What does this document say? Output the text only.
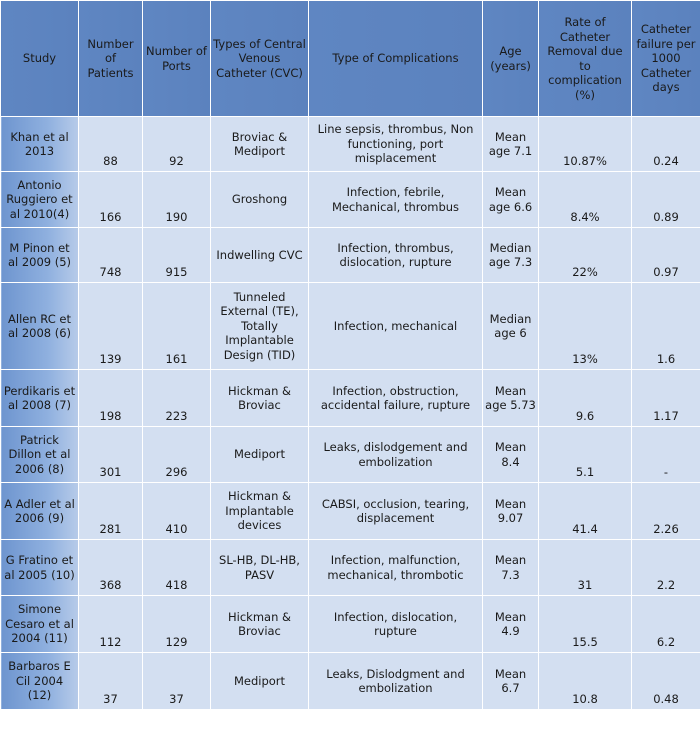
Study	Number of Patients	Number of Ports	Types of Central Venous Catheter (CVC)	Type of Complications	Age (years)	Rate of Catheter Removal due to complication (%)	Catheter failure per 1000 Catheter days
Khan et al 2013	88	92	Broviac & Mediport	Line sepsis, thrombus, Non functioning, port misplacement	Mean age 7.1	10.87%	0.24
Antonio Ruggiero et al 2010(4)	166	190	Groshong	Infection, febrile, Mechanical, thrombus	Mean age 6.6	8.4%	0.89
M Pinon et al 2009 (5)	748	915	Indwelling CVC	Infection, thrombus, dislocation, rupture	Median age 7.3	22%	0.97
Allen RC et al 2008 (6)	139	161	Tunneled External (TE), Totally Implantable Design (TID)	Infection, mechanical	Median age 6	13%	1.6
Perdikaris et al 2008 (7)	198	223	Hickman & Broviac	Infection, obstruction, accidental failure, rupture	Mean age 5.73	9.6	1.17
Patrick Dillon et al 2006 (8)	301	296	Mediport	Leaks, dislodgement and embolization	Mean 8.4	5.1	-
A Adler et al 2006 (9)	281	410	Hickman & Implantable devices	CABSI, occlusion, tearing, displacement	Mean 9.07	41.4	2.26
G Fratino et al 2005 (10)	368	418	SL-HB, DL-HB, PASV	Infection, malfunction, mechanical, thrombotic	Mean 7.3	31	2.2
Simone Cesaro et al 2004 (11)	112	129	Hickman & Broviac	Infection, dislocation, rupture	Mean 4.9	15.5	6.2
Barbaros E Cil 2004 (12)	37	37	Mediport	Leaks, Dislodgment and embolization	Mean 6.7	10.8	0.48
